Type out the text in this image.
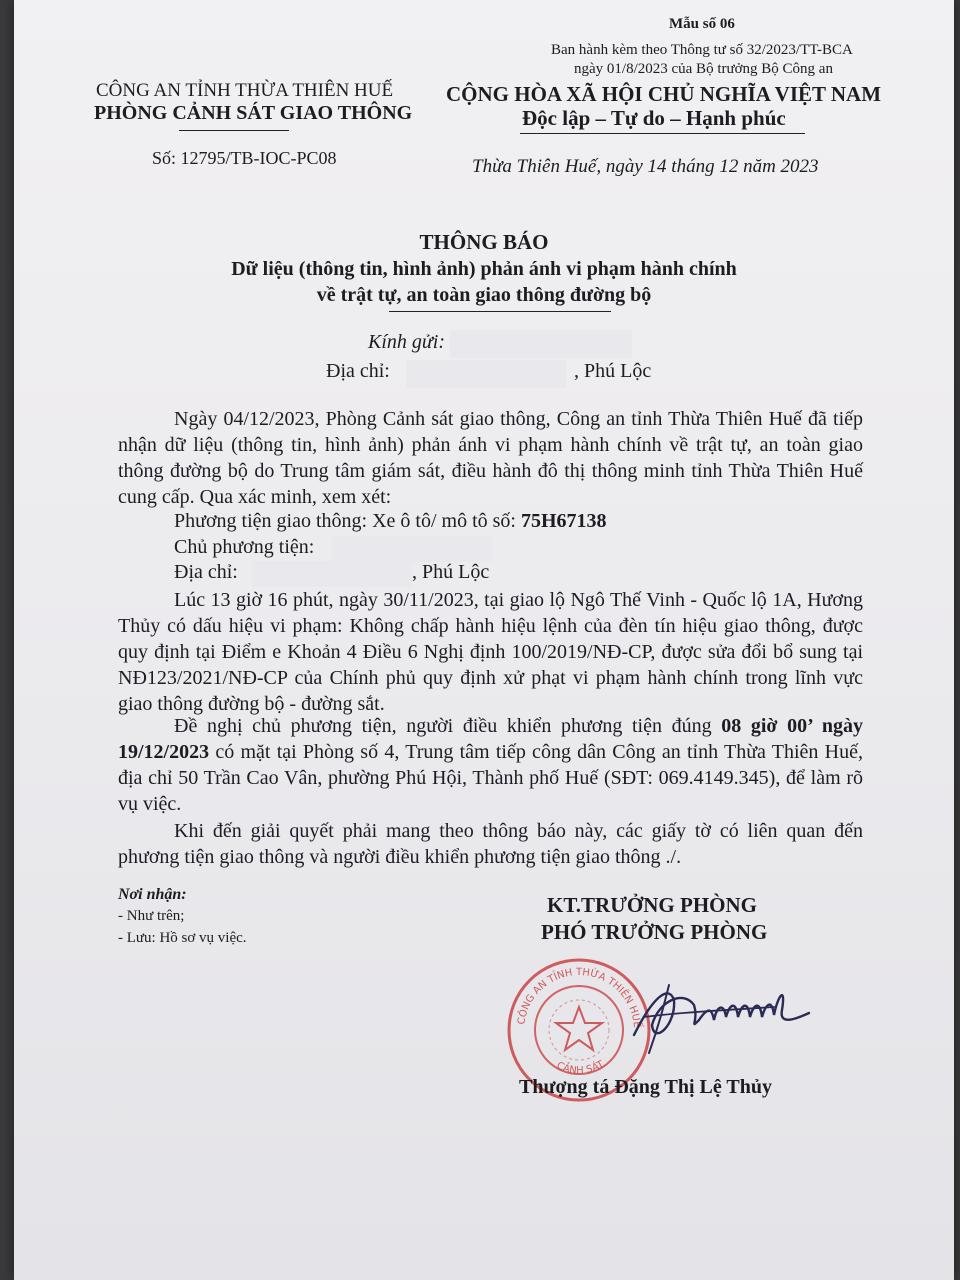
Mẫu số 06
Ban hành kèm theo Thông tư số 32/2023/TT-BCA
ngày 01/8/2023 của Bộ trưởng Bộ Công an
CÔNG AN TỈNH THỪA THIÊN HUẾ
PHÒNG CẢNH SÁT GIAO THÔNG
Số: 12795/TB-IOC-PC08
CỘNG HÒA XÃ HỘI CHỦ NGHĨA VIỆT NAM
Độc lập – Tự do – Hạnh phúc
Thừa Thiên Huế, ngày 14 tháng 12 năm 2023
THÔNG BÁO
Dữ liệu (thông tin, hình ảnh) phản ánh vi phạm hành chính
về trật tự, an toàn giao thông đường bộ
Kính gửi:
Địa chỉ:	, Phú Lộc
Ngày 04/12/2023, Phòng Cảnh sát giao thông, Công an tỉnh Thừa Thiên Huế đã tiếp nhận dữ liệu (thông tin, hình ảnh) phản ánh vi phạm hành chính về trật tự, an toàn giao thông đường bộ do Trung tâm giám sát, điều hành đô thị thông minh tỉnh Thừa Thiên Huế cung cấp. Qua xác minh, xem xét:
Phương tiện giao thông: Xe ô tô/ mô tô số: 75H67138
Chủ phương tiện:
Địa chỉ:	, Phú Lộc
Lúc 13 giờ 16 phút, ngày 30/11/2023, tại giao lộ Ngô Thế Vinh - Quốc lộ 1A, Hương Thủy có dấu hiệu vi phạm: Không chấp hành hiệu lệnh của đèn tín hiệu giao thông, được quy định tại Điểm e Khoản 4 Điều 6 Nghị định 100/2019/NĐ-CP, được sửa đổi bổ sung tại NĐ123/2021/NĐ-CP của Chính phủ quy định xử phạt vi phạm hành chính trong lĩnh vực giao thông đường bộ - đường sắt.
Đề nghị chủ phương tiện, người điều khiển phương tiện đúng 08 giờ 00’ ngày 19/12/2023 có mặt tại Phòng số 4, Trung tâm tiếp công dân Công an tỉnh Thừa Thiên Huế, địa chỉ 50 Trần Cao Vân, phường Phú Hội, Thành phố Huế (SĐT: 069.4149.345), để làm rõ vụ việc.
Khi đến giải quyết phải mang theo thông báo này, các giấy tờ có liên quan đến phương tiện giao thông và người điều khiển phương tiện giao thông ./.
Nơi nhận:
- Như trên;
- Lưu: Hồ sơ vụ việc.
KT.TRƯỞNG PHÒNG
PHÓ TRƯỞNG PHÒNG
CÔNG AN TỈNH THỪA THIÊN HUẾ
CẢNH SÁT
Thượng tá Đặng Thị Lệ Thủy
